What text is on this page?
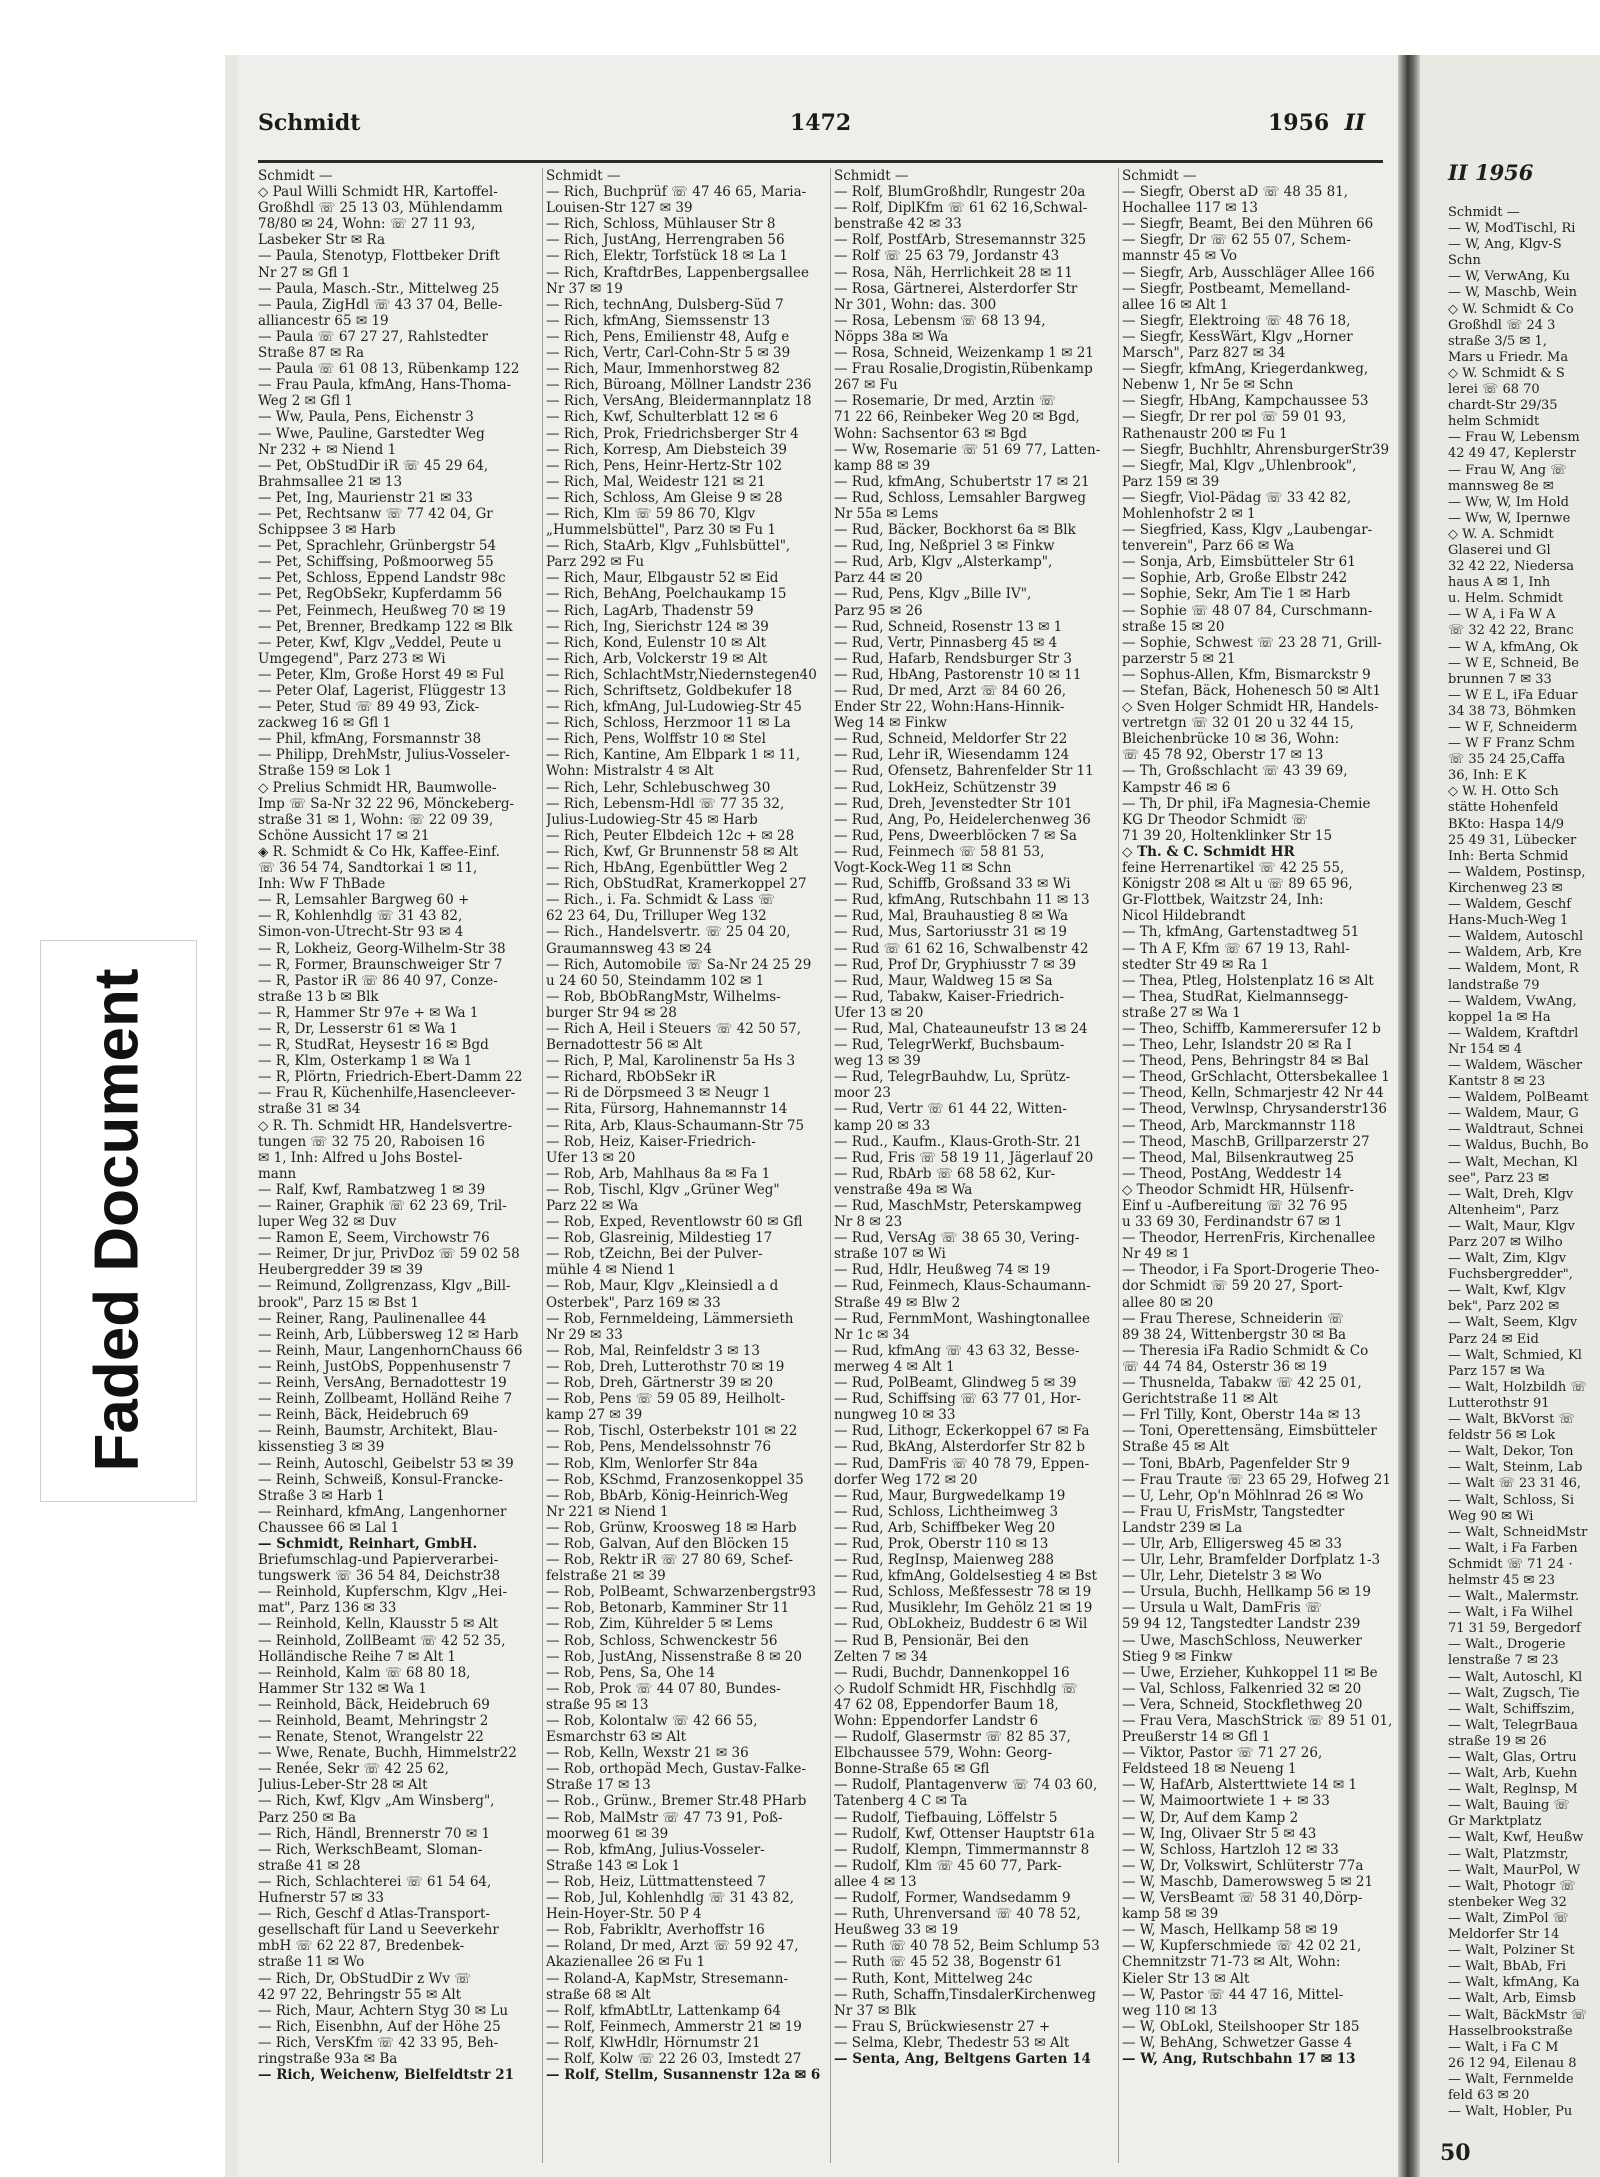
Faded Document
Schmidt	1472	1956 II
Schmidt —
◇ Paul Willi Schmidt HR, Kartoffel-
Großhdl ☏ 25 13 03, Mühlendamm
78/80 ✉ 24, Wohn: ☏ 27 11 93,
Lasbeker Str ✉ Ra
— Paula, Stenotyp, Flottbeker Drift
Nr 27 ✉ Gfl 1
— Paula, Masch.-Str., Mittelweg 25
— Paula, ZigHdl ☏ 43 37 04, Belle-
alliancestr 65 ✉ 19
— Paula ☏ 67 27 27, Rahlstedter
Straße 87 ✉ Ra
— Paula ☏ 61 08 13, Rübenkamp 122
— Frau Paula, kfmAng, Hans-Thoma-
Weg 2 ✉ Gfl 1
— Ww, Paula, Pens, Eichenstr 3
— Wwe, Pauline, Garstedter Weg
Nr 232 + ✉ Niend 1
— Pet, ObStudDir iR ☏ 45 29 64,
Brahmsallee 21 ✉ 13
— Pet, Ing, Maurienstr 21 ✉ 33
— Pet, Rechtsanw ☏ 77 42 04, Gr
Schippsee 3 ✉ Harb
— Pet, Sprachlehr, Grünbergstr 54
— Pet, Schiffsing, Poßmoorweg 55
— Pet, Schloss, Eppend Landstr 98c
— Pet, RegObSekr, Kupferdamm 56
— Pet, Feinmech, Heußweg 70 ✉ 19
— Pet, Brenner, Bredkamp 122 ✉ Blk
— Peter, Kwf, Klgv „Veddel, Peute u
Umgegend", Parz 273 ✉ Wi
— Peter, Klm, Große Horst 49 ✉ Ful
— Peter Olaf, Lagerist, Flüggestr 13
— Peter, Stud ☏ 89 49 93, Zick-
zackweg 16 ✉ Gfl 1
— Phil, kfmAng, Forsmannstr 38
— Philipp, DrehMstr, Julius-Vosseler-
Straße 159 ✉ Lok 1
◇ Prelius Schmidt HR, Baumwolle-
Imp ☏ Sa-Nr 32 22 96, Mönckeberg-
straße 31 ✉ 1, Wohn: ☏ 22 09 39,
Schöne Aussicht 17 ✉ 21
◈ R. Schmidt & Co Hk, Kaffee-Einf.
☏ 36 54 74, Sandtorkai 1 ✉ 11,
Inh: Ww F ThBade
— R, Lemsahler Bargweg 60 +
— R, Kohlenhdlg ☏ 31 43 82,
Simon-von-Utrecht-Str 93 ✉ 4
— R, Lokheiz, Georg-Wilhelm-Str 38
— R, Former, Braunschweiger Str 7
— R, Pastor iR ☏ 86 40 97, Conze-
straße 13 b ✉ Blk
— R, Hammer Str 97e + ✉ Wa 1
— R, Dr, Lesserstr 61 ✉ Wa 1
— R, StudRat, Heysestr 16 ✉ Bgd
— R, Klm, Osterkamp 1 ✉ Wa 1
— R, Plörtn, Friedrich-Ebert-Damm 22
— Frau R, Küchenhilfe,Hasencleever-
straße 31 ✉ 34
◇ R. Th. Schmidt HR, Handelsvertre-
tungen ☏ 32 75 20, Raboisen 16
✉ 1, Inh: Alfred u Johs Bostel-
mann
— Ralf, Kwf, Rambatzweg 1 ✉ 39
— Rainer, Graphik ☏ 62 23 69, Tril-
luper Weg 32 ✉ Duv
— Ramon E, Seem, Virchowstr 76
— Reimer, Dr jur, PrivDoz ☏ 59 02 58
Heubergredder 39 ✉ 39
— Reimund, Zollgrenzass, Klgv „Bill-
brook", Parz 15 ✉ Bst 1
— Reiner, Rang, Paulinenallee 44
— Reinh, Arb, Lübbersweg 12 ✉ Harb
— Reinh, Maur, LangenhornChauss 66
— Reinh, JustObS, Poppenhusenstr 7
— Reinh, VersAng, Bernadottestr 19
— Reinh, Zollbeamt, Holländ Reihe 7
— Reinh, Bäck, Heidebruch 69
— Reinh, Baumstr, Architekt, Blau-
kissenstieg 3 ✉ 39
— Reinh, Autoschl, Geibelstr 53 ✉ 39
— Reinh, Schweiß, Konsul-Francke-
Straße 3 ✉ Harb 1
— Reinhard, kfmAng, Langenhorner
Chaussee 66 ✉ Lal 1
— Schmidt, Reinhart, GmbH.
Briefumschlag-und Papierverarbei-
tungswerk ☏ 36 54 84, Deichstr38
— Reinhold, Kupferschm, Klgv „Hei-
mat", Parz 136 ✉ 33
— Reinhold, Kelln, Klausstr 5 ✉ Alt
— Reinhold, ZollBeamt ☏ 42 52 35,
Holländische Reihe 7 ✉ Alt 1
— Reinhold, Kalm ☏ 68 80 18,
Hammer Str 132 ✉ Wa 1
— Reinhold, Bäck, Heidebruch 69
— Reinhold, Beamt, Mehringstr 2
— Renate, Stenot, Wrangelstr 22
— Wwe, Renate, Buchh, Himmelstr22
— Renée, Sekr ☏ 42 25 62,
Julius-Leber-Str 28 ✉ Alt
— Rich, Kwf, Klgv „Am Winsberg",
Parz 250 ✉ Ba
— Rich, Händl, Brennerstr 70 ✉ 1
— Rich, WerkschBeamt, Sloman-
straße 41 ✉ 28
— Rich, Schlachterei ☏ 61 54 64,
Hufnerstr 57 ✉ 33
— Rich, Geschf d Atlas-Transport-
gesellschaft für Land u Seeverkehr
mbH ☏ 62 22 87, Bredenbek-
straße 11 ✉ Wo
— Rich, Dr, ObStudDir z Wv ☏
42 97 22, Behringstr 55 ✉ Alt
— Rich, Maur, Achtern Styg 30 ✉ Lu
— Rich, Eisenbhn, Auf der Höhe 25
— Rich, VersKfm ☏ 42 33 95, Beh-
ringstraße 93a ✉ Ba
— Rich, Weichenw, Bielfeldtstr 21
Schmidt —
— Rich, Buchprüf ☏ 47 46 65, Maria-
Louisen-Str 127 ✉ 39
— Rich, Schloss, Mühlauser Str 8
— Rich, JustAng, Herrengraben 56
— Rich, Elektr, Torfstück 18 ✉ La 1
— Rich, KraftdrBes, Lappenbergsallee
Nr 37 ✉ 19
— Rich, technAng, Dulsberg-Süd 7
— Rich, kfmAng, Siemssenstr 13
— Rich, Pens, Emilienstr 48, Aufg e
— Rich, Vertr, Carl-Cohn-Str 5 ✉ 39
— Rich, Maur, Immenhorstweg 82
— Rich, Büroang, Möllner Landstr 236
— Rich, VersAng, Bleidermannplatz 18
— Rich, Kwf, Schulterblatt 12 ✉ 6
— Rich, Prok, Friedrichsberger Str 4
— Rich, Korresp, Am Diebsteich 39
— Rich, Pens, Heinr-Hertz-Str 102
— Rich, Mal, Weidestr 121 ✉ 21
— Rich, Schloss, Am Gleise 9 ✉ 28
— Rich, Klm ☏ 59 86 70, Klgv
„Hummelsbüttel", Parz 30 ✉ Fu 1
— Rich, StaArb, Klgv „Fuhlsbüttel",
Parz 292 ✉ Fu
— Rich, Maur, Elbgaustr 52 ✉ Eid
— Rich, BehAng, Poelchaukamp 15
— Rich, LagArb, Thadenstr 59
— Rich, Ing, Sierichstr 124 ✉ 39
— Rich, Kond, Eulenstr 10 ✉ Alt
— Rich, Arb, Volckerstr 19 ✉ Alt
— Rich, SchlachtMstr,Niedernstegen40
— Rich, Schriftsetz, Goldbekufer 18
— Rich, kfmAng, Jul-Ludowieg-Str 45
— Rich, Schloss, Herzmoor 11 ✉ La
— Rich, Pens, Wolffstr 10 ✉ Stel
— Rich, Kantine, Am Elbpark 1 ✉ 11,
Wohn: Mistralstr 4 ✉ Alt
— Rich, Lehr, Schlebuschweg 30
— Rich, Lebensm-Hdl ☏ 77 35 32,
Julius-Ludowieg-Str 45 ✉ Harb
— Rich, Peuter Elbdeich 12c + ✉ 28
— Rich, Kwf, Gr Brunnenstr 58 ✉ Alt
— Rich, HbAng, Egenbüttler Weg 2
— Rich, ObStudRat, Kramerkoppel 27
— Rich., i. Fa. Schmidt & Lass ☏
62 23 64, Du, Trilluper Weg 132
— Rich., Handelsvertr. ☏ 25 04 20,
Graumannsweg 43 ✉ 24
— Rich, Automobile ☏ Sa-Nr 24 25 29
u 24 60 50, Steindamm 102 ✉ 1
— Rob, BbObRangMstr, Wilhelms-
burger Str 94 ✉ 28
— Rich A, Heil i Steuers ☏ 42 50 57,
Bernadottestr 56 ✉ Alt
— Rich, P, Mal, Karolinenstr 5a Hs 3
— Richard, RbObSekr iR
— Ri de Dörpsmeed 3 ✉ Neugr 1
— Rita, Fürsorg, Hahnemannstr 14
— Rita, Arb, Klaus-Schaumann-Str 75
— Rob, Heiz, Kaiser-Friedrich-
Ufer 13 ✉ 20
— Rob, Arb, Mahlhaus 8a ✉ Fa 1
— Rob, Tischl, Klgv „Grüner Weg"
Parz 22 ✉ Wa
— Rob, Exped, Reventlowstr 60 ✉ Gfl
— Rob, Glasreinig, Mildestieg 17
— Rob, tZeichn, Bei der Pulver-
mühle 4 ✉ Niend 1
— Rob, Maur, Klgv „Kleinsiedl a d
Osterbek", Parz 169 ✉ 33
— Rob, Fernmeldeing, Lämmersieth
Nr 29 ✉ 33
— Rob, Mal, Reinfeldstr 3 ✉ 13
— Rob, Dreh, Lutterothstr 70 ✉ 19
— Rob, Dreh, Gärtnerstr 39 ✉ 20
— Rob, Pens ☏ 59 05 89, Heilholt-
kamp 27 ✉ 39
— Rob, Tischl, Osterbekstr 101 ✉ 22
— Rob, Pens, Mendelssohnstr 76
— Rob, Klm, Wenlorfer Str 84a
— Rob, KSchmd, Franzosenkoppel 35
— Rob, BbArb, König-Heinrich-Weg
Nr 221 ✉ Niend 1
— Rob, Grünw, Kroosweg 18 ✉ Harb
— Rob, Galvan, Auf den Blöcken 15
— Rob, Rektr iR ☏ 27 80 69, Schef-
felstraße 21 ✉ 39
— Rob, PolBeamt, Schwarzenbergstr93
— Rob, Betonarb, Kamminer Str 11
— Rob, Zim, Kührelder 5 ✉ Lems
— Rob, Schloss, Schwenckestr 56
— Rob, JustAng, Nissenstraße 8 ✉ 20
— Rob, Pens, Sa, Ohe 14
— Rob, Prok ☏ 44 07 80, Bundes-
straße 95 ✉ 13
— Rob, Kolontalw ☏ 42 66 55,
Esmarchstr 63 ✉ Alt
— Rob, Kelln, Wexstr 21 ✉ 36
— Rob, orthopäd Mech, Gustav-Falke-
Straße 17 ✉ 13
— Rob., Grünw., Bremer Str.48 PHarb
— Rob, MalMstr ☏ 47 73 91, Poß-
moorweg 61 ✉ 39
— Rob, kfmAng, Julius-Vosseler-
Straße 143 ✉ Lok 1
— Rob, Heiz, Lüttmattensteed 7
— Rob, Jul, Kohlenhdlg ☏ 31 43 82,
Hein-Hoyer-Str. 50 P 4
— Rob, Fabrikltr, Averhoffstr 16
— Roland, Dr med, Arzt ☏ 59 92 47,
Akazienallee 26 ✉ Fu 1
— Roland-A, KapMstr, Stresemann-
straße 68 ✉ Alt
— Rolf, kfmAbtLtr, Lattenkamp 64
— Rolf, Feinmech, Ammerstr 21 ✉ 19
— Rolf, KlwHdlr, Hörnumstr 21
— Rolf, Kolw ☏ 22 26 03, Imstedt 27
— Rolf, Stellm, Susannenstr 12a ✉ 6
Schmidt —
— Rolf, BlumGroßhdlr, Rungestr 20a
— Rolf, DiplKfm ☏ 61 62 16,Schwal-
benstraße 42 ✉ 33
— Rolf, PostfArb, Stresemannstr 325
— Rolf ☏ 25 63 79, Jordanstr 43
— Rosa, Näh, Herrlichkeit 28 ✉ 11
— Rosa, Gärtnerei, Alsterdorfer Str
Nr 301, Wohn: das. 300
— Rosa, Lebensm ☏ 68 13 94,
Nöpps 38a ✉ Wa
— Rosa, Schneid, Weizenkamp 1 ✉ 21
— Frau Rosalie,Drogistin,Rübenkamp
267 ✉ Fu
— Rosemarie, Dr med, Arztin ☏
71 22 66, Reinbeker Weg 20 ✉ Bgd,
Wohn: Sachsentor 63 ✉ Bgd
— Ww, Rosemarie ☏ 51 69 77, Latten-
kamp 88 ✉ 39
— Rud, kfmAng, Schubertstr 17 ✉ 21
— Rud, Schloss, Lemsahler Bargweg
Nr 55a ✉ Lems
— Rud, Bäcker, Bockhorst 6a ✉ Blk
— Rud, Ing, Neßpriel 3 ✉ Finkw
— Rud, Arb, Klgv „Alsterkamp",
Parz 44 ✉ 20
— Rud, Pens, Klgv „Bille IV",
Parz 95 ✉ 26
— Rud, Schneid, Rosenstr 13 ✉ 1
— Rud, Vertr, Pinnasberg 45 ✉ 4
— Rud, Hafarb, Rendsburger Str 3
— Rud, HbAng, Pastorenstr 10 ✉ 11
— Rud, Dr med, Arzt ☏ 84 60 26,
Ender Str 22, Wohn:Hans-Hinnik-
Weg 14 ✉ Finkw
— Rud, Schneid, Meldorfer Str 22
— Rud, Lehr iR, Wiesendamm 124
— Rud, Ofensetz, Bahrenfelder Str 11
— Rud, LokHeiz, Schützenstr 39
— Rud, Dreh, Jevenstedter Str 101
— Rud, Ang, Po, Heidelerchenweg 36
— Rud, Pens, Dweerblöcken 7 ✉ Sa
— Rud, Feinmech ☏ 58 81 53,
Vogt-Kock-Weg 11 ✉ Schn
— Rud, Schiffb, Großsand 33 ✉ Wi
— Rud, kfmAng, Rutschbahn 11 ✉ 13
— Rud, Mal, Brauhaustieg 8 ✉ Wa
— Rud, Mus, Sartoriusstr 31 ✉ 19
— Rud ☏ 61 62 16, Schwalbenstr 42
— Rud, Prof Dr, Gryphiusstr 7 ✉ 39
— Rud, Maur, Waldweg 15 ✉ Sa
— Rud, Tabakw, Kaiser-Friedrich-
Ufer 13 ✉ 20
— Rud, Mal, Chateauneufstr 13 ✉ 24
— Rud, TelegrWerkf, Buchsbaum-
weg 13 ✉ 39
— Rud, TelegrBauhdw, Lu, Sprütz-
moor 23
— Rud, Vertr ☏ 61 44 22, Witten-
kamp 20 ✉ 33
— Rud., Kaufm., Klaus-Groth-Str. 21
— Rud, Fris ☏ 58 19 11, Jägerlauf 20
— Rud, RbArb ☏ 68 58 62, Kur-
venstraße 49a ✉ Wa
— Rud, MaschMstr, Peterskampweg
Nr 8 ✉ 23
— Rud, VersAg ☏ 38 65 30, Vering-
straße 107 ✉ Wi
— Rud, Hdlr, Heußweg 74 ✉ 19
— Rud, Feinmech, Klaus-Schaumann-
Straße 49 ✉ Blw 2
— Rud, FernmMont, Washingtonallee
Nr 1c ✉ 34
— Rud, kfmAng ☏ 43 63 32, Besse-
merweg 4 ✉ Alt 1
— Rud, PolBeamt, Glindweg 5 ✉ 39
— Rud, Schiffsing ☏ 63 77 01, Hor-
nungweg 10 ✉ 33
— Rud, Lithogr, Eckerkoppel 67 ✉ Fa
— Rud, BkAng, Alsterdorfer Str 82 b
— Rud, DamFris ☏ 40 78 79, Eppen-
dorfer Weg 172 ✉ 20
— Rud, Maur, Burgwedelkamp 19
— Rud, Schloss, Lichtheimweg 3
— Rud, Arb, Schiffbeker Weg 20
— Rud, Prok, Oberstr 110 ✉ 13
— Rud, RegInsp, Maienweg 288
— Rud, kfmAng, Goldelsestieg 4 ✉ Bst
— Rud, Schloss, Meßfessestr 78 ✉ 19
— Rud, Musiklehr, Im Gehölz 21 ✉ 19
— Rud, ObLokheiz, Buddestr 6 ✉ Wil
— Rud B, Pensionär, Bei den
Zelten 7 ✉ 34
— Rudi, Buchdr, Dannenkoppel 16
◇ Rudolf Schmidt HR, Fischhdlg ☏
47 62 08, Eppendorfer Baum 18,
Wohn: Eppendorfer Landstr 6
— Rudolf, Glasermstr ☏ 82 85 37,
Elbchaussee 579, Wohn: Georg-
Bonne-Straße 65 ✉ Gfl
— Rudolf, Plantagenverw ☏ 74 03 60,
Tatenberg 4 C ✉ Ta
— Rudolf, Tiefbauing, Löffelstr 5
— Rudolf, Kwf, Ottenser Hauptstr 61a
— Rudolf, Klempn, Timmermannstr 8
— Rudolf, Klm ☏ 45 60 77, Park-
allee 4 ✉ 13
— Rudolf, Former, Wandsedamm 9
— Ruth, Uhrenversand ☏ 40 78 52,
Heußweg 33 ✉ 19
— Ruth ☏ 40 78 52, Beim Schlump 53
— Ruth ☏ 45 52 38, Bogenstr 61
— Ruth, Kont, Mittelweg 24c
— Ruth, Schaffn,TinsdalerKirchenweg
Nr 37 ✉ Blk
— Frau S, Brückwiesenstr 27 +
— Selma, Klebr, Thedestr 53 ✉ Alt
— Senta, Ang, Beltgens Garten 14
Schmidt —
— Siegfr, Oberst aD ☏ 48 35 81,
Hochallee 117 ✉ 13
— Siegfr, Beamt, Bei den Mühren 66
— Siegfr, Dr ☏ 62 55 07, Schem-
mannstr 45 ✉ Vo
— Siegfr, Arb, Ausschläger Allee 166
— Siegfr, Postbeamt, Memelland-
allee 16 ✉ Alt 1
— Siegfr, Elektroing ☏ 48 76 18,
— Siegfr, KessWärt, Klgv „Horner
Marsch", Parz 827 ✉ 34
— Siegfr, kfmAng, Kriegerdankweg,
Nebenw 1, Nr 5e ✉ Schn
— Siegfr, HbAng, Kampchaussee 53
— Siegfr, Dr rer pol ☏ 59 01 93,
Rathenaustr 200 ✉ Fu 1
— Siegfr, Buchhltr, AhrensburgerStr39
— Siegfr, Mal, Klgv „Uhlenbrook",
Parz 159 ✉ 39
— Siegfr, Viol-Pädag ☏ 33 42 82,
Mohlenhofstr 2 ✉ 1
— Siegfried, Kass, Klgv „Laubengar-
tenverein", Parz 66 ✉ Wa
— Sonja, Arb, Eimsbütteler Str 61
— Sophie, Arb, Große Elbstr 242
— Sophie, Sekr, Am Tie 1 ✉ Harb
— Sophie ☏ 48 07 84, Curschmann-
straße 15 ✉ 20
— Sophie, Schwest ☏ 23 28 71, Grill-
parzerstr 5 ✉ 21
— Sophus-Allen, Kfm, Bismarckstr 9
— Stefan, Bäck, Hohenesch 50 ✉ Alt1
◇ Sven Holger Schmidt HR, Handels-
vertretgn ☏ 32 01 20 u 32 44 15,
Bleichenbrücke 10 ✉ 36, Wohn:
☏ 45 78 92, Oberstr 17 ✉ 13
— Th, Großschlacht ☏ 43 39 69,
Kampstr 46 ✉ 6
— Th, Dr phil, iFa Magnesia-Chemie
KG Dr Theodor Schmidt ☏
71 39 20, Holtenklinker Str 15
◇ Th. & C. Schmidt HR
feine Herrenartikel ☏ 42 25 55,
Königstr 208 ✉ Alt u ☏ 89 65 96,
Gr-Flottbek, Waitzstr 24, Inh:
Nicol Hildebrandt
— Th, kfmAng, Gartenstadtweg 51
— Th A F, Kfm ☏ 67 19 13, Rahl-
stedter Str 49 ✉ Ra 1
— Thea, Ptleg, Holstenplatz 16 ✉ Alt
— Thea, StudRat, Kielmannsegg-
straße 27 ✉ Wa 1
— Theo, Schiffb, Kammerersufer 12 b
— Theo, Lehr, Islandstr 20 ✉ Ra I
— Theod, Pens, Behringstr 84 ✉ Bal
— Theod, GrSchlacht, Ottersbekallee 1
— Theod, Kelln, Schmarjestr 42 Nr 44
— Theod, Verwlnsp, Chrysanderstr136
— Theod, Arb, Marckmannstr 118
— Theod, MaschB, Grillparzerstr 27
— Theod, Mal, Bilsenkrautweg 25
— Theod, PostAng, Weddestr 14
◇ Theodor Schmidt HR, Hülsenfr-
Einf u -Aufbereitung ☏ 32 76 95
u 33 69 30, Ferdinandstr 67 ✉ 1
— Theodor, HerrenFris, Kirchenallee
Nr 49 ✉ 1
— Theodor, i Fa Sport-Drogerie Theo-
dor Schmidt ☏ 59 20 27, Sport-
allee 80 ✉ 20
— Frau Therese, Schneiderin ☏
89 38 24, Wittenbergstr 30 ✉ Ba
— Theresia iFa Radio Schmidt & Co
☏ 44 74 84, Osterstr 36 ✉ 19
— Thusnelda, Tabakw ☏ 42 25 01,
Gerichtstraße 11 ✉ Alt
— Frl Tilly, Kont, Oberstr 14a ✉ 13
— Toni, Operettensäng, Eimsbütteler
Straße 45 ✉ Alt
— Toni, BbArb, Pagenfelder Str 9
— Frau Traute ☏ 23 65 29, Hofweg 21
— U, Lehr, Op'n Möhlnrad 26 ✉ Wo
— Frau U, FrisMstr, Tangstedter
Landstr 239 ✉ La
— Ulr, Arb, Elligersweg 45 ✉ 33
— Ulr, Lehr, Bramfelder Dorfplatz 1-3
— Ulr, Lehr, Dietelstr 3 ✉ Wo
— Ursula, Buchh, Hellkamp 56 ✉ 19
— Ursula u Walt, DamFris ☏
59 94 12, Tangstedter Landstr 239
— Uwe, MaschSchloss, Neuwerker
Stieg 9 ✉ Finkw
— Uwe, Erzieher, Kuhkoppel 11 ✉ Be
— Val, Schloss, Falkenried 32 ✉ 20
— Vera, Schneid, Stockflethweg 20
— Frau Vera, MaschStrick ☏ 89 51 01,
Preußerstr 14 ✉ Gfl 1
— Viktor, Pastor ☏ 71 27 26,
Feldsteed 18 ✉ Neueng 1
— W, HafArb, Alsterttwiete 14 ✉ 1
— W, Maimoortwiete 1 + ✉ 33
— W, Dr, Auf dem Kamp 2
— W, Ing, Olivaer Str 5 ✉ 43
— W, Schloss, Hartzloh 12 ✉ 33
— W, Dr, Volkswirt, Schlüterstr 77a
— W, Maschb, Damerowsweg 5 ✉ 21
— W, VersBeamt ☏ 58 31 40,Dörp-
kamp 58 ✉ 39
— W, Masch, Hellkamp 58 ✉ 19
— W, Kupferschmiede ☏ 42 02 21,
Chemnitzstr 71-73 ✉ Alt, Wohn:
Kieler Str 13 ✉ Alt
— W, Pastor ☏ 44 47 16, Mittel-
weg 110 ✉ 13
— W, ObLokl, Steilshooper Str 185
— W, BehAng, Schwetzer Gasse 4
— W, Ang, Rutschbahn 17 ✉ 13
II 1956
Schmidt —
— W, ModTischl, Ri
— W, Ang, Klgv-S
Schn
— W, VerwAng, Ku
— W, Maschb, Wein
◇ W. Schmidt & Co
Großhdl ☏ 24 3
straße 3/5 ✉ 1,
Mars u Friedr. Ma
◇ W. Schmidt & S
lerei ☏ 68 70
chardt-Str 29/35
helm Schmidt
— Frau W, Lebensm
42 49 47, Keplerstr
— Frau W, Ang ☏
mannsweg 8e ✉
— Ww, W, Im Hold
— Ww, W, Ipernwe
◇ W. A. Schmidt
Glaserei und Gl
32 42 22, Niedersa
haus A ✉ 1, Inh
u. Helm. Schmidt
— W A, i Fa W A
☏ 32 42 22, Branc
— W A, kfmAng, Ok
— W E, Schneid, Be
brunnen 7 ✉ 33
— W E L, iFa Eduar
34 38 73, Böhmken
— W F, Schneiderm
— W F Franz Schm
☏ 35 24 25,Caffa
36, Inh: E K
◇ W. H. Otto Sch
stätte Hohenfeld
BKto: Haspa 14/9
25 49 31, Lübecker
Inh: Berta Schmid
— Waldem, Postinsp,
Kirchenweg 23 ✉
— Waldem, Geschf
Hans-Much-Weg 1
— Waldem, Autoschl
— Waldem, Arb, Kre
— Waldem, Mont, R
landstraße 79
— Waldem, VwAng,
koppel 1a ✉ Ha
— Waldem, Kraftdrl
Nr 154 ✉ 4
— Waldem, Wäscher
Kantstr 8 ✉ 23
— Waldem, PolBeamt
— Waldem, Maur, G
— Waldtraut, Schnei
— Waldus, Buchh, Bo
— Walt, Mechan, Kl
see", Parz 23 ✉
— Walt, Dreh, Klgv
Altenheim", Parz
— Walt, Maur, Klgv
Parz 207 ✉ Wilho
— Walt, Zim, Klgv
Fuchsbergredder",
— Walt, Kwf, Klgv
bek", Parz 202 ✉
— Walt, Seem, Klgv
Parz 24 ✉ Eid
— Walt, Schmied, Kl
Parz 157 ✉ Wa
— Walt, Holzbildh ☏
Lutterothstr 91
— Walt, BkVorst ☏
feldstr 56 ✉ Lok
— Walt, Dekor, Ton
— Walt, Steinm, Lab
— Walt ☏ 23 31 46,
— Walt, Schloss, Si
Weg 90 ✉ Wi
— Walt, SchneidMstr
— Walt, i Fa Farben
Schmidt ☏ 71 24 ·
helmstr 45 ✉ 23
— Walt., Malermstr.
— Walt, i Fa Wilhel
71 31 59, Bergedorf
— Walt., Drogerie
lenstraße 7 ✉ 23
— Walt, Autoschl, Kl
— Walt, Zugsch, Tie
— Walt, Schiffszim,
— Walt, TelegrBaua
straße 19 ✉ 26
— Walt, Glas, Ortru
— Walt, Arb, Kuehn
— Walt, Reglnsp, M
— Walt, Bauing ☏
Gr Marktplatz
— Walt, Kwf, Heußw
— Walt, Platzmstr,
— Walt, MaurPol, W
— Walt, Photogr ☏
stenbeker Weg 32
— Walt, ZimPol ☏
Meldorfer Str 14
— Walt, Polziner St
— Walt, BbAb, Fri
— Walt, kfmAng, Ka
— Walt, Arb, Eimsb
— Walt, BäckMstr ☏
Hasselbrookstraße
— Walt, i Fa C M
26 12 94, Eilenau 8
— Walt, Fernmelde
feld 63 ✉ 20
— Walt, Hobler, Pu
50
